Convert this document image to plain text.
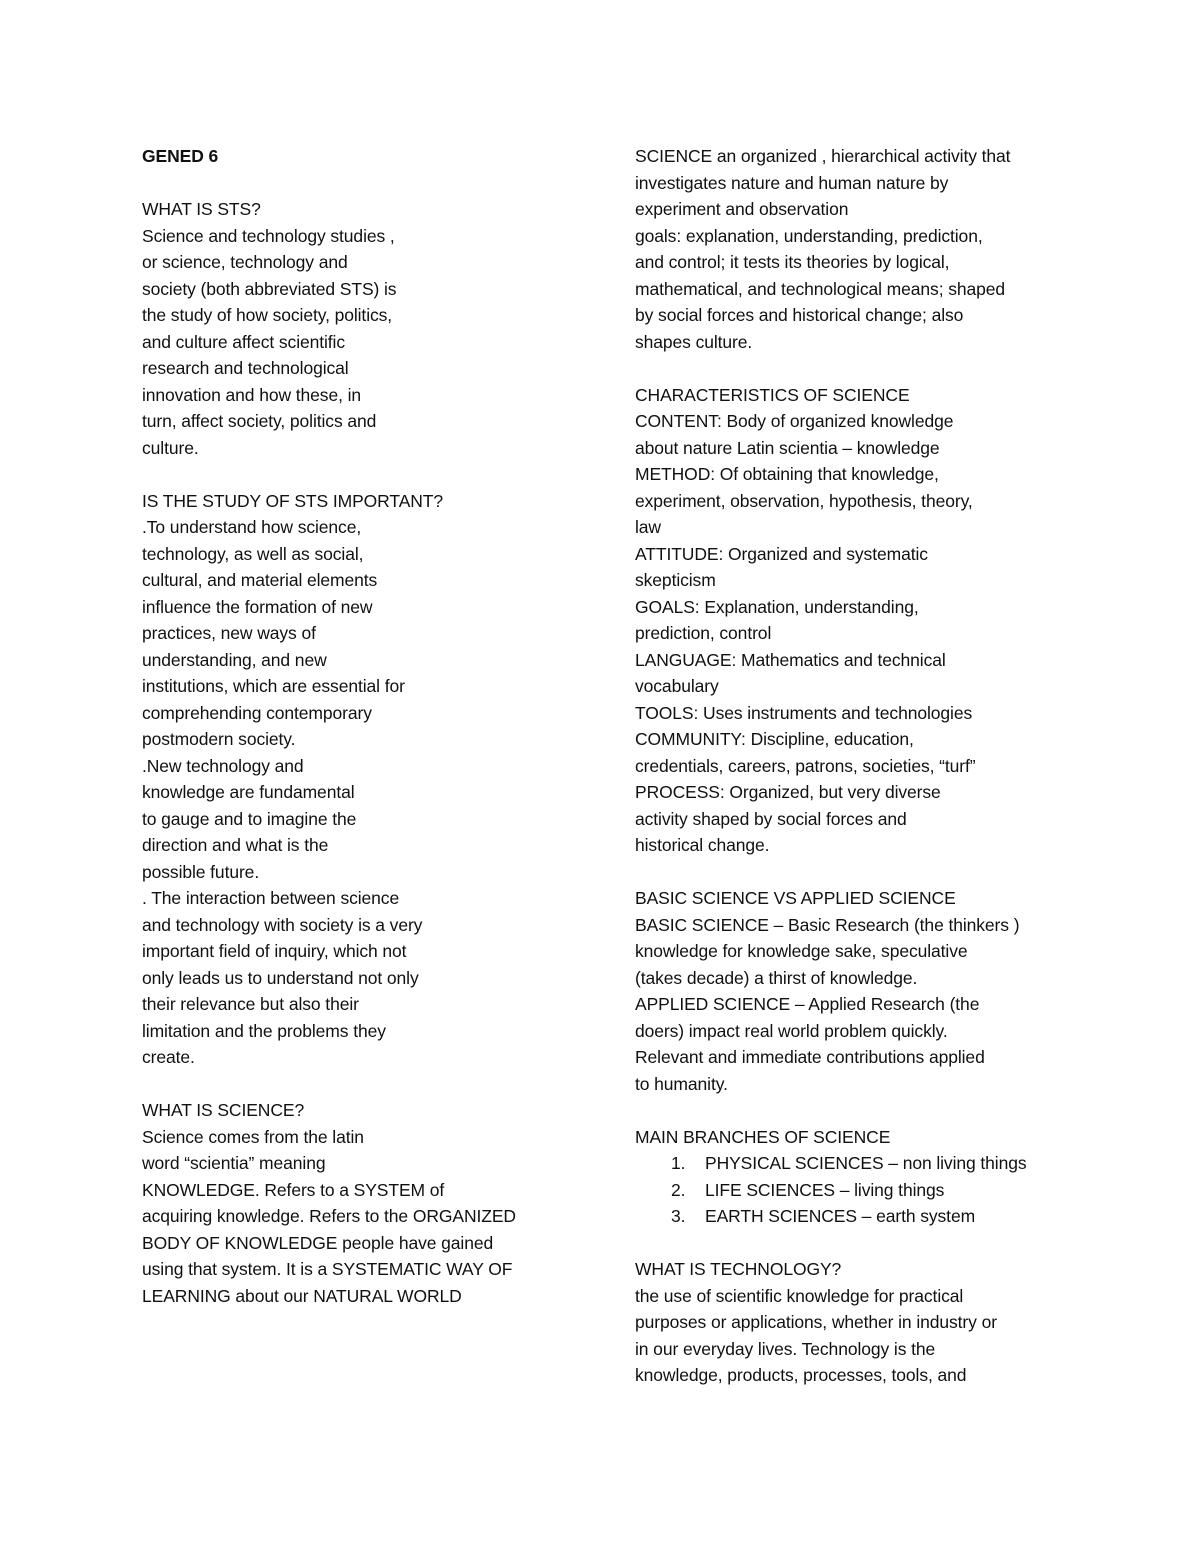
GENED 6
WHAT IS STS?
Science and technology studies ,
or science, technology and
society (both abbreviated STS) is
the study of how society, politics,
and culture affect scientific
research and technological
innovation and how these, in
turn, affect society, politics and
culture.
IS THE STUDY OF STS IMPORTANT?
.To understand how science,
technology, as well as social,
cultural, and material elements
influence the formation of new
practices, new ways of
understanding, and new
institutions, which are essential for
comprehending contemporary
postmodern society.
.New technology and
knowledge are fundamental
to gauge and to imagine the
direction and what is the
possible future.
. The interaction between science
and technology with society is a very
important field of inquiry, which not
only leads us to understand not only
their relevance but also their
limitation and the problems they
create.
WHAT IS SCIENCE?
Science comes from the latin
word “scientia” meaning
KNOWLEDGE. Refers to a SYSTEM of
acquiring knowledge. Refers to the ORGANIZED
BODY OF KNOWLEDGE people have gained
using that system. It is a SYSTEMATIC WAY OF
LEARNING about our NATURAL WORLD
SCIENCE an organized , hierarchical activity that
investigates nature and human nature by
experiment and observation
goals: explanation, understanding, prediction,
and control; it tests its theories by logical,
mathematical, and technological means; shaped
by social forces and historical change; also
shapes culture.
CHARACTERISTICS OF SCIENCE
CONTENT: Body of organized knowledge
about nature Latin scientia – knowledge
METHOD: Of obtaining that knowledge,
experiment, observation, hypothesis, theory,
law
ATTITUDE: Organized and systematic
skepticism
GOALS: Explanation, understanding,
prediction, control
LANGUAGE: Mathematics and technical
vocabulary
TOOLS: Uses instruments and technologies
COMMUNITY: Discipline, education,
credentials, careers, patrons, societies, “turf”
PROCESS: Organized, but very diverse
activity shaped by social forces and
historical change.
BASIC SCIENCE VS APPLIED SCIENCE
BASIC SCIENCE – Basic Research (the thinkers )
knowledge for knowledge sake, speculative
(takes decade) a thirst of knowledge.
APPLIED SCIENCE – Applied Research (the
doers) impact real world problem quickly.
Relevant and immediate contributions applied
to humanity.
MAIN BRANCHES OF SCIENCE
1. PHYSICAL SCIENCES – non living things
2. LIFE SCIENCES – living things
3. EARTH SCIENCES – earth system
WHAT IS TECHNOLOGY?
the use of scientific knowledge for practical
purposes or applications, whether in industry or
in our everyday lives. Technology is the
knowledge, products, processes, tools, and
